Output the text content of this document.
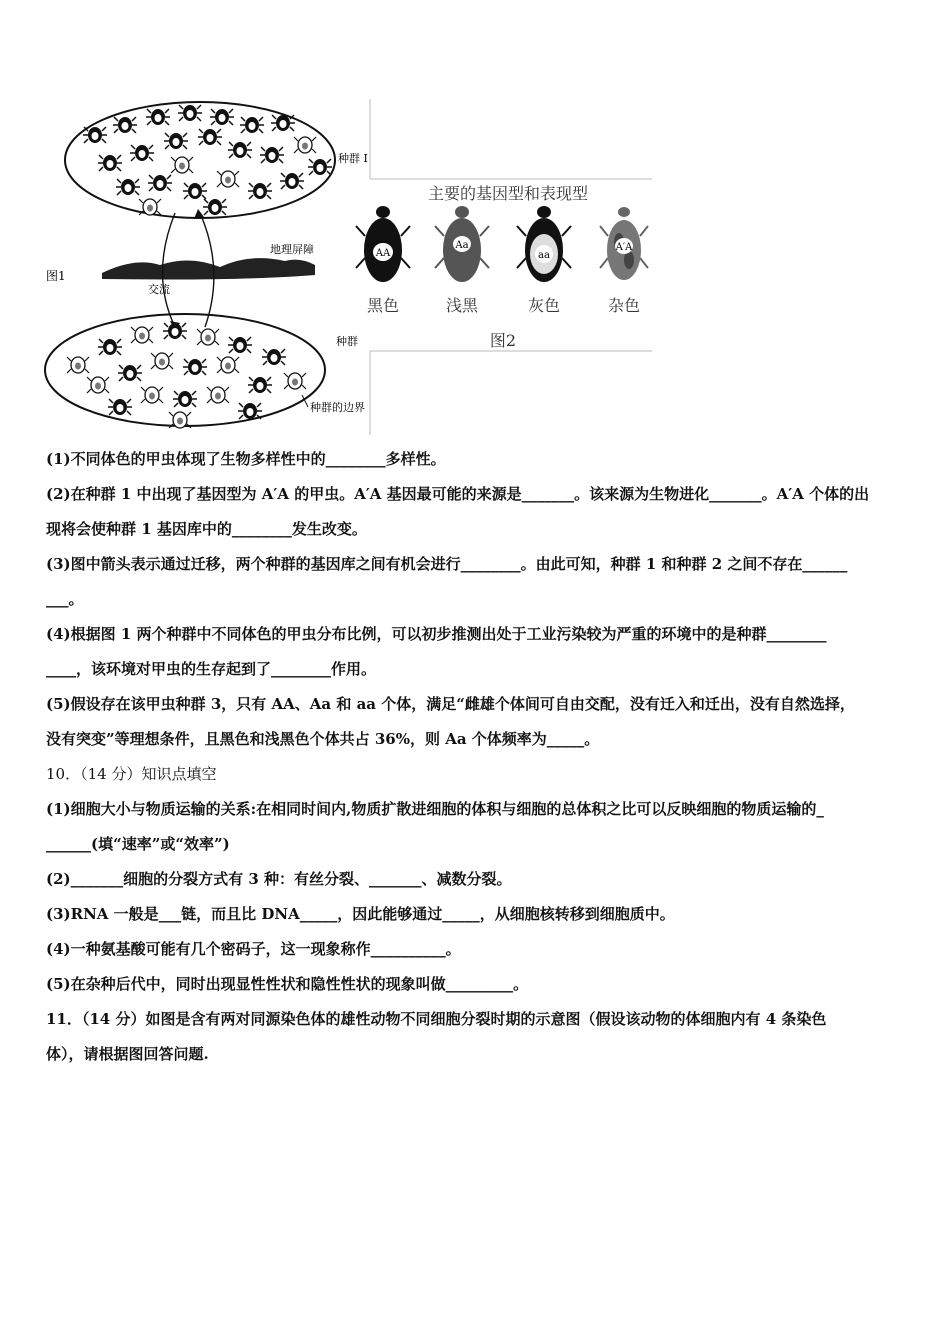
地理屏障
图1
交流
种群 I
种群
种群的边界
主要的基因型和表现型
AA
Aa
aa
A′A
黑色	浅黑	灰色	杂色
图2

(1)不同体色的甲虫体现了生物多样性中的________多样性。

(2)在种群 1 中出现了基因型为 A′A 的甲虫。A′A 基因最可能的来源是_______。该来源为生物进化_______。A′A 个体的出

现将会使种群 1 基因库中的________发生改变。

(3)图中箭头表示通过迁移，两个种群的基因库之间有机会进行________。由此可知，种群 1 和种群 2 之间不存在______

___。

(4)根据图 1 两个种群中不同体色的甲虫分布比例，可以初步推测出处于工业污染较为严重的环境中的是种群________

____，该环境对甲虫的生存起到了________作用。

(5)假设存在该甲虫种群 3，只有 AA、Aa 和 aa 个体，满足“雌雄个体间可自由交配，没有迁入和迁出，没有自然选择，

没有突变”等理想条件，且黑色和浅黑色个体共占 36%，则 Aa 个体频率为_____。

10．（14 分）知识点填空

(1)细胞大小与物质运输的关系:在相同时间内,物质扩散进细胞的体积与细胞的总体积之比可以反映细胞的物质运输的_

______(填“速率”或“效率”)

(2)_______细胞的分裂方式有 3 种：有丝分裂、_______、减数分裂。

(3)RNA 一般是___链，而且比 DNA_____，因此能够通过_____，从细胞核转移到细胞质中。

(4)一种氨基酸可能有几个密码子，这一现象称作__________。

(5)在杂种后代中，同时出现显性性状和隐性性状的现象叫做_________。

11．（14 分）如图是含有两对同源染色体的雄性动物不同细胞分裂时期的示意图（假设该动物的体细胞内有 4 条染色

体），请根据图回答问题.
